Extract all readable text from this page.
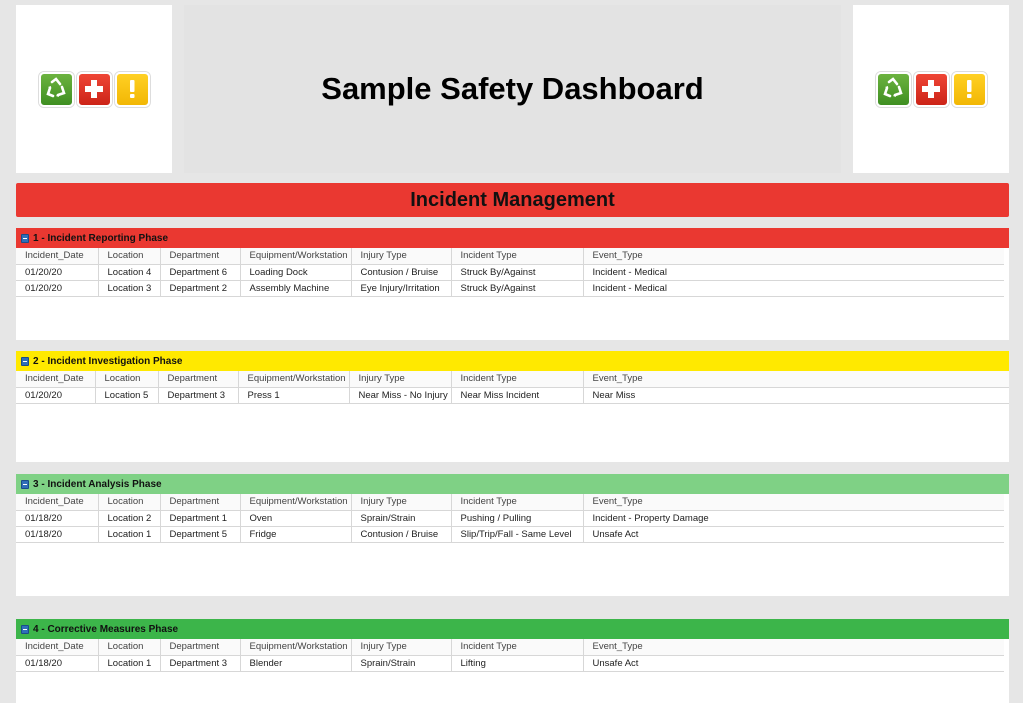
Sample Safety Dashboard
Incident Management
1 - Incident Reporting Phase
Incident_Date	Location	Department	Equipment/Workstation	Injury Type	Incident Type	Event_Type
01/20/20	Location 4	Department 6	Loading Dock	Contusion / Bruise	Struck By/Against	Incident - Medical
01/20/20	Location 3	Department 2	Assembly Machine	Eye Injury/Irritation	Struck By/Against	Incident - Medical
2 - Incident Investigation Phase
Incident_Date	Location	Department	Equipment/Workstation	Injury Type	Incident Type	Event_Type
01/20/20	Location 5	Department 3	Press 1	Near Miss - No Injury	Near Miss Incident	Near Miss
3 - Incident Analysis Phase
Incident_Date	Location	Department	Equipment/Workstation	Injury Type	Incident Type	Event_Type
01/18/20	Location 2	Department 1	Oven	Sprain/Strain	Pushing / Pulling	Incident - Property Damage
01/18/20	Location 1	Department 5	Fridge	Contusion / Bruise	Slip/Trip/Fall - Same Level	Unsafe Act
4 - Corrective Measures Phase
Incident_Date	Location	Department	Equipment/Workstation	Injury Type	Incident Type	Event_Type
01/18/20	Location 1	Department 3	Blender	Sprain/Strain	Lifting	Unsafe Act
